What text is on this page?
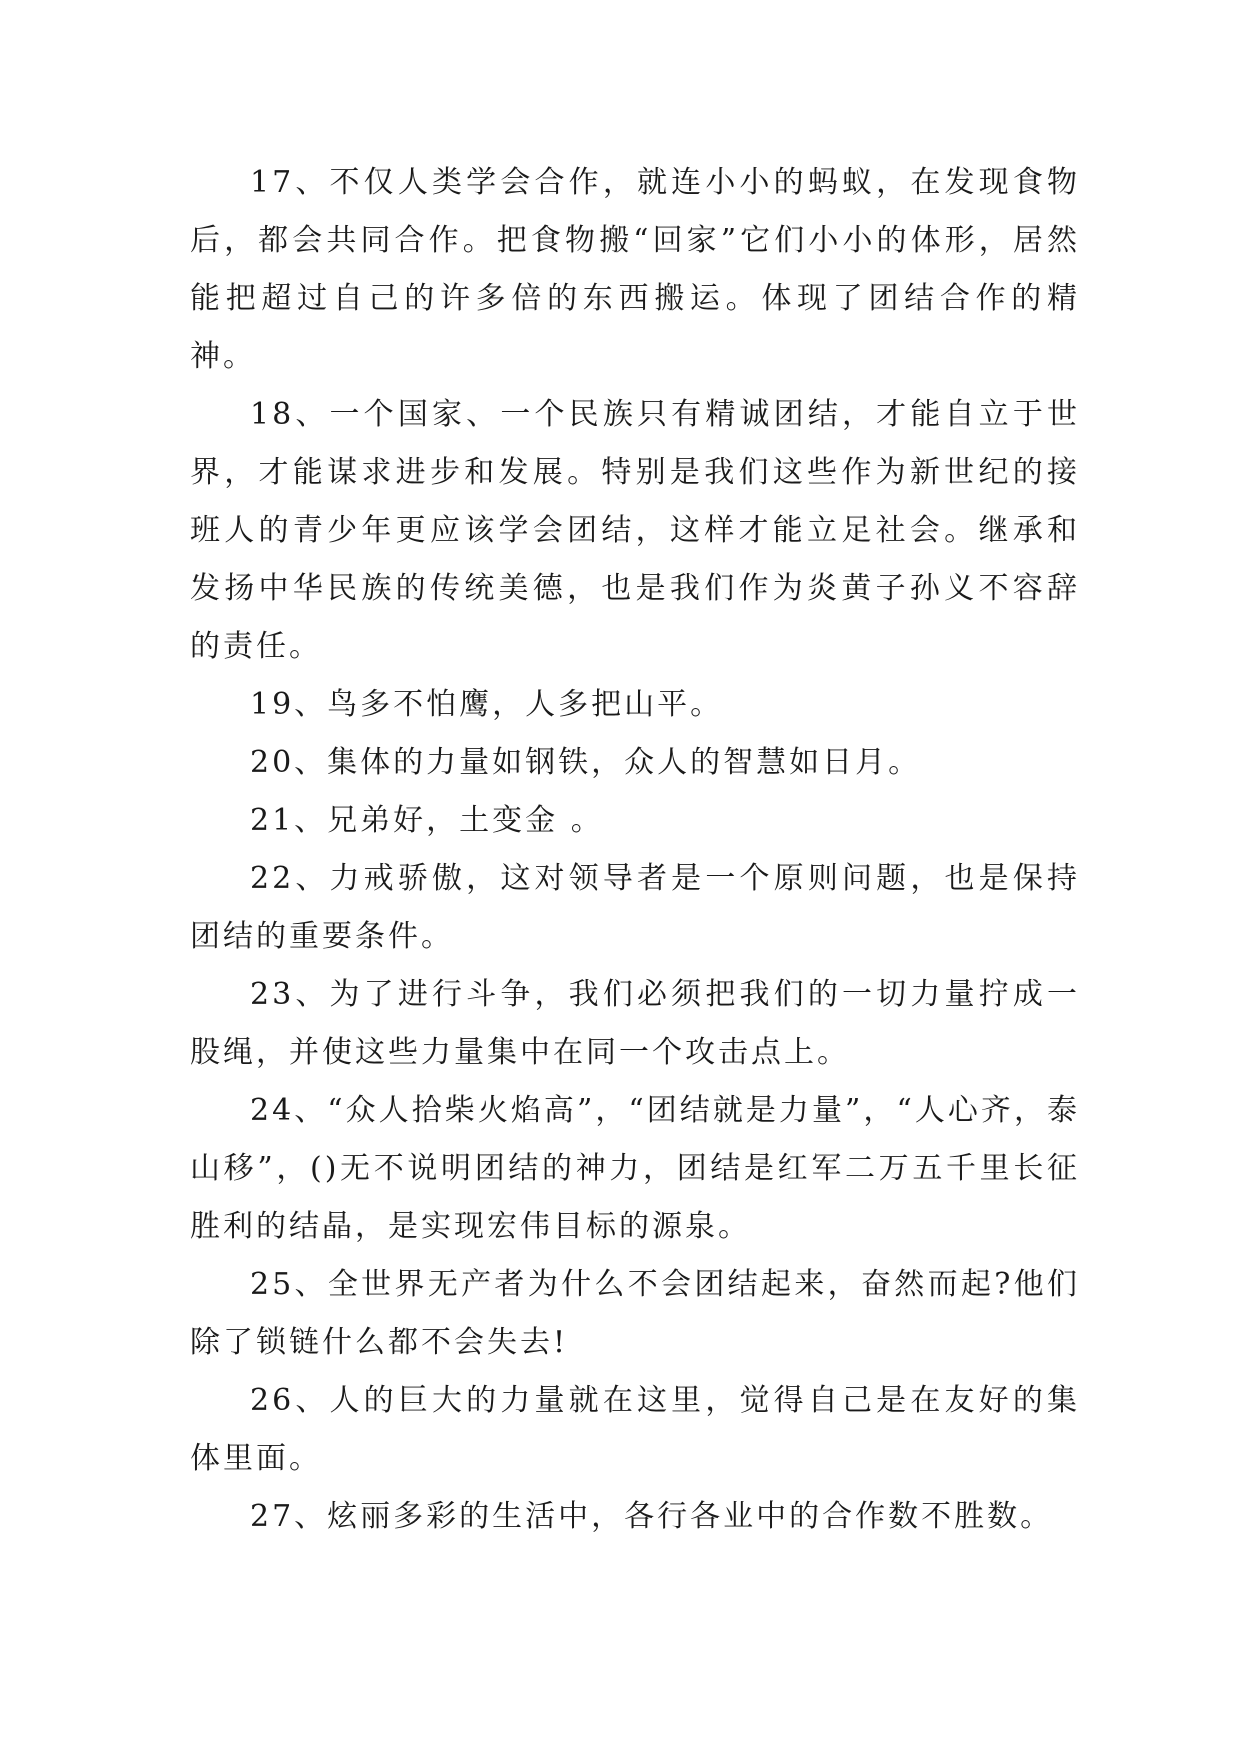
17、不仅人类学会合作，就连小小的蚂蚁，在发现食物后，都会共同合作。把食物搬“回家”它们小小的体形，居然能把超过自己的许多倍的东西搬运。体现了团结合作的精神。

18、一个国家、一个民族只有精诚团结，才能自立于世界，才能谋求进步和发展。特别是我们这些作为新世纪的接班人的青少年更应该学会团结，这样才能立足社会。继承和发扬中华民族的传统美德，也是我们作为炎黄子孙义不容辞的责任。

19、鸟多不怕鹰，人多把山平。

20、集体的力量如钢铁，众人的智慧如日月。

21、兄弟好，土变金 。

22、力戒骄傲，这对领导者是一个原则问题，也是保持团结的重要条件。

23、为了进行斗争，我们必须把我们的一切力量拧成一股绳，并使这些力量集中在同一个攻击点上。

24、“众人拾柴火焰高”，“团结就是力量”，“人心齐，泰山移”，()无不说明团结的神力，团结是红军二万五千里长征胜利的结晶，是实现宏伟目标的源泉。

25、全世界无产者为什么不会团结起来，奋然而起?他们除了锁链什么都不会失去!

26、人的巨大的力量就在这里，觉得自己是在友好的集体里面。

27、炫丽多彩的生活中，各行各业中的合作数不胜数。
